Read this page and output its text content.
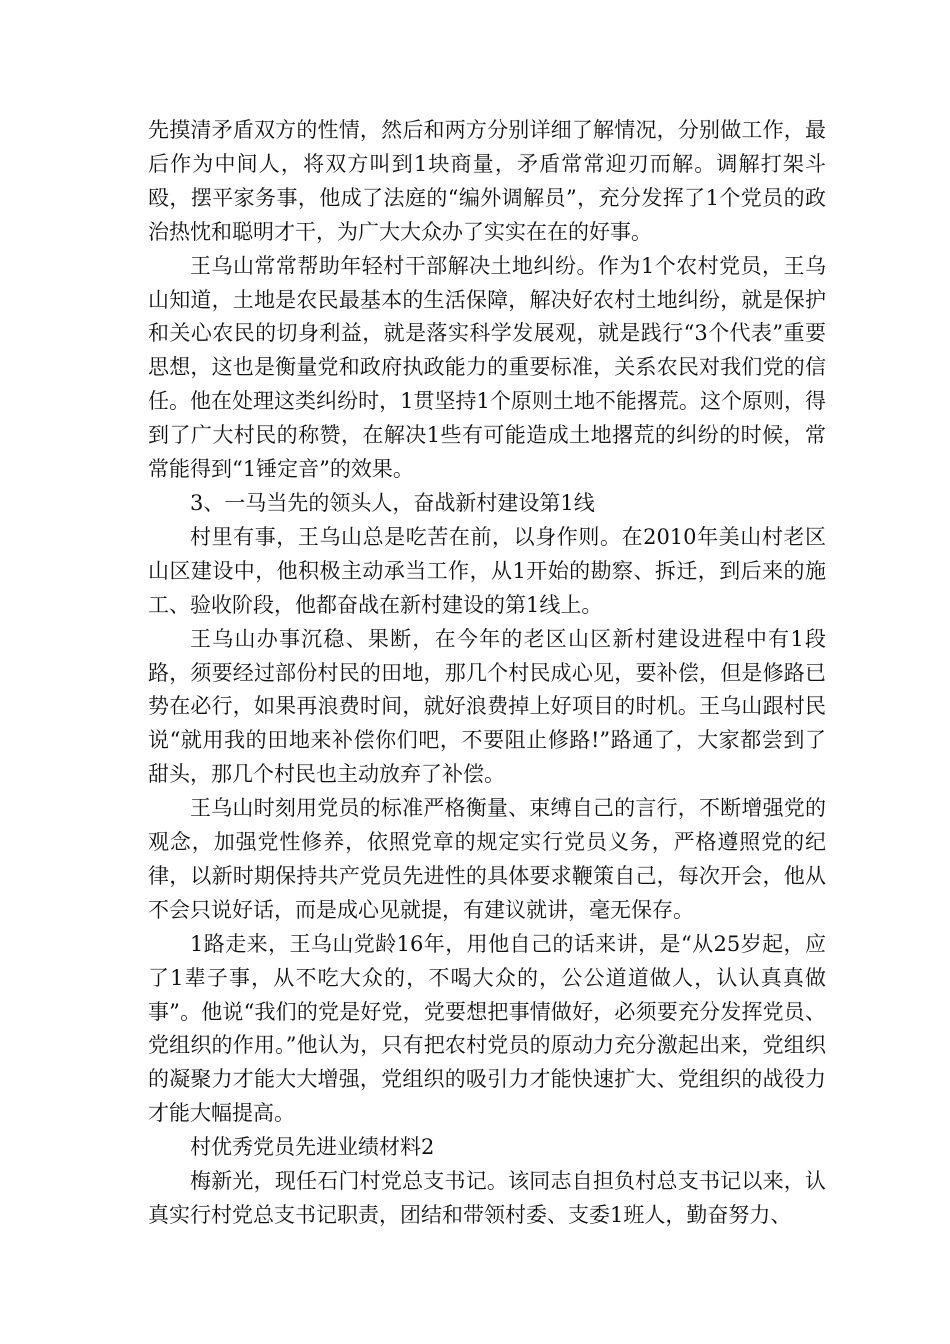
先摸清矛盾双方的性情，然后和两方分别详细了解情况，分别做工作，最后作为中间人，将双方叫到1块商量，矛盾常常迎刃而解。调解打架斗殴，摆平家务事，他成了法庭的“编外调解员”，充分发挥了1个党员的政治热忱和聪明才干，为广大大众办了实实在在的好事。

王乌山常常帮助年轻村干部解决土地纠纷。作为1个农村党员，王乌山知道，土地是农民最基本的生活保障，解决好农村土地纠纷，就是保护和关心农民的切身利益，就是落实科学发展观，就是践行“3个代表”重要思想，这也是衡量党和政府执政能力的重要标准，关系农民对我们党的信任。他在处理这类纠纷时，1贯坚持1个原则土地不能撂荒。这个原则，得到了广大村民的称赞，在解决1些有可能造成土地撂荒的纠纷的时候，常常能得到“1锤定音”的效果。

3、一马当先的领头人，奋战新村建设第1线

村里有事，王乌山总是吃苦在前，以身作则。在2010年美山村老区山区建设中，他积极主动承当工作，从1开始的勘察、拆迁，到后来的施工、验收阶段，他都奋战在新村建设的第1线上。

王乌山办事沉稳、果断，在今年的老区山区新村建设进程中有1段路，须要经过部份村民的田地，那几个村民成心见，要补偿，但是修路已势在必行，如果再浪费时间，就好浪费掉上好项目的时机。王乌山跟村民说“就用我的田地来补偿你们吧，不要阻止修路!”路通了，大家都尝到了甜头，那几个村民也主动放弃了补偿。

王乌山时刻用党员的标准严格衡量、束缚自己的言行，不断增强党的观念，加强党性修养，依照党章的规定实行党员义务，严格遵照党的纪律，以新时期保持共产党员先进性的具体要求鞭策自己，每次开会，他从不会只说好话，而是成心见就提，有建议就讲，毫无保存。

1路走来，王乌山党龄16年，用他自己的话来讲，是“从25岁起，应了1辈子事，从不吃大众的，不喝大众的，公公道道做人，认认真真做事”。他说“我们的党是好党，党要想把事情做好，必须要充分发挥党员、党组织的作用。”他认为，只有把农村党员的原动力充分激起出来，党组织的凝聚力才能大大增强，党组织的吸引力才能快速扩大、党组织的战役力才能大幅提高。

村优秀党员先进业绩材料2

梅新光，现任石门村党总支书记。该同志自担负村总支书记以来，认真实行村党总支书记职责，团结和带领村委、支委1班人，勤奋努力、
